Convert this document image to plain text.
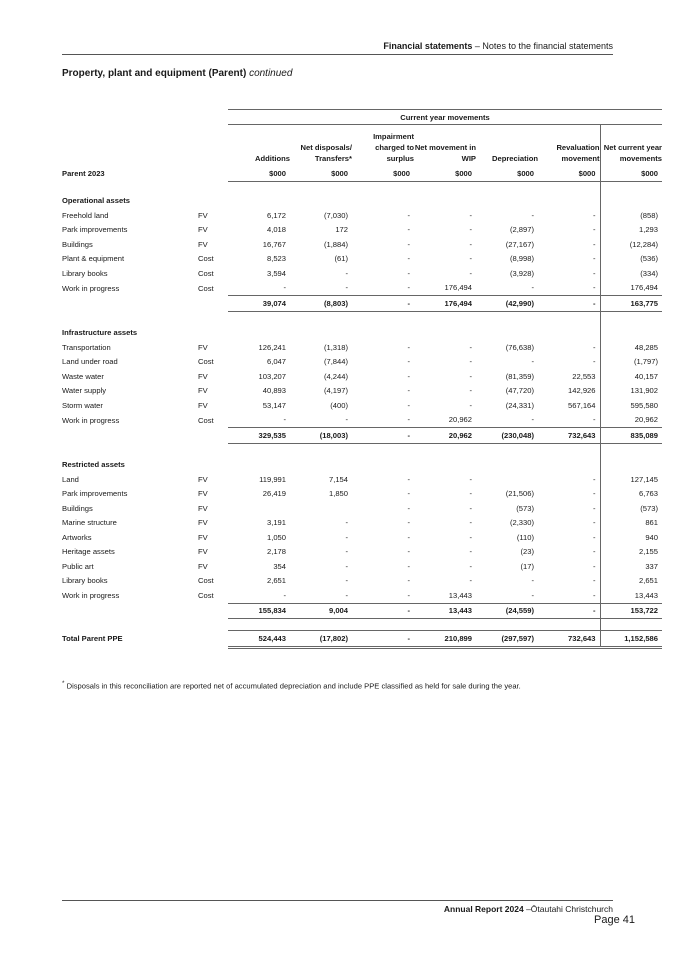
Financial statements – Notes to the financial statements
Property, plant and equipment (Parent) continued
		Current year movements						
		Additions	Net disposals/ Transfers*	Impairment charged to surplus	Net movement in WIP	Depreciation	Revaluation movement	Net current year movements
Parent 2023		$000	$000	$000	$000	$000	$000	$000

Operational assets								
Freehold land	FV	6,172	(7,030)	-	-	-	-	(858)
Park improvements	FV	4,018	172	-	-	(2,897)	-	1,293
Buildings	FV	16,767	(1,884)	-	-	(27,167)	-	(12,284)
Plant & equipment	Cost	8,523	(61)	-	-	(8,998)	-	(536)
Library books	Cost	3,594	-	-	-	(3,928)	-	(334)
Work in progress	Cost	-	-	-	176,494	-	-	176,494
		39,074	(8,803)	-	176,494	(42,990)	-	163,775

Infrastructure assets								
Transportation	FV	126,241	(1,318)	-	-	(76,638)	-	48,285
Land under road	Cost	6,047	(7,844)	-	-	-	-	(1,797)
Waste water	FV	103,207	(4,244)	-	-	(81,359)	22,553	40,157
Water supply	FV	40,893	(4,197)	-	-	(47,720)	142,926	131,902
Storm water	FV	53,147	(400)	-	-	(24,331)	567,164	595,580
Work in progress	Cost	-	-	-	20,962	-	-	20,962
		329,535	(18,003)	-	20,962	(230,048)	732,643	835,089

Restricted assets								
Land	FV	119,991	7,154	-	-		-	127,145
Park improvements	FV	26,419	1,850	-	-	(21,506)	-	6,763
Buildings	FV			-	-	(573)	-	(573)
Marine structure	FV	3,191	-	-	-	(2,330)	-	861
Artworks	FV	1,050	-	-	-	(110)	-	940
Heritage assets	FV	2,178	-	-	-	(23)	-	2,155
Public art	FV	354	-	-	-	(17)	-	337
Library books	Cost	2,651	-	-	-	-	-	2,651
Work in progress	Cost	-	-	-	13,443	-	-	13,443
		155,834	9,004	-	13,443	(24,559)	-	153,722

Total Parent PPE		524,443	(17,802)	-	210,899	(297,597)	732,643	1,152,586
* Disposals in this reconciliation are reported net of accumulated depreciation and include PPE classified as held for sale during the year.
Annual Report 2024 –Ōtautahi Christchurch
Page 41
